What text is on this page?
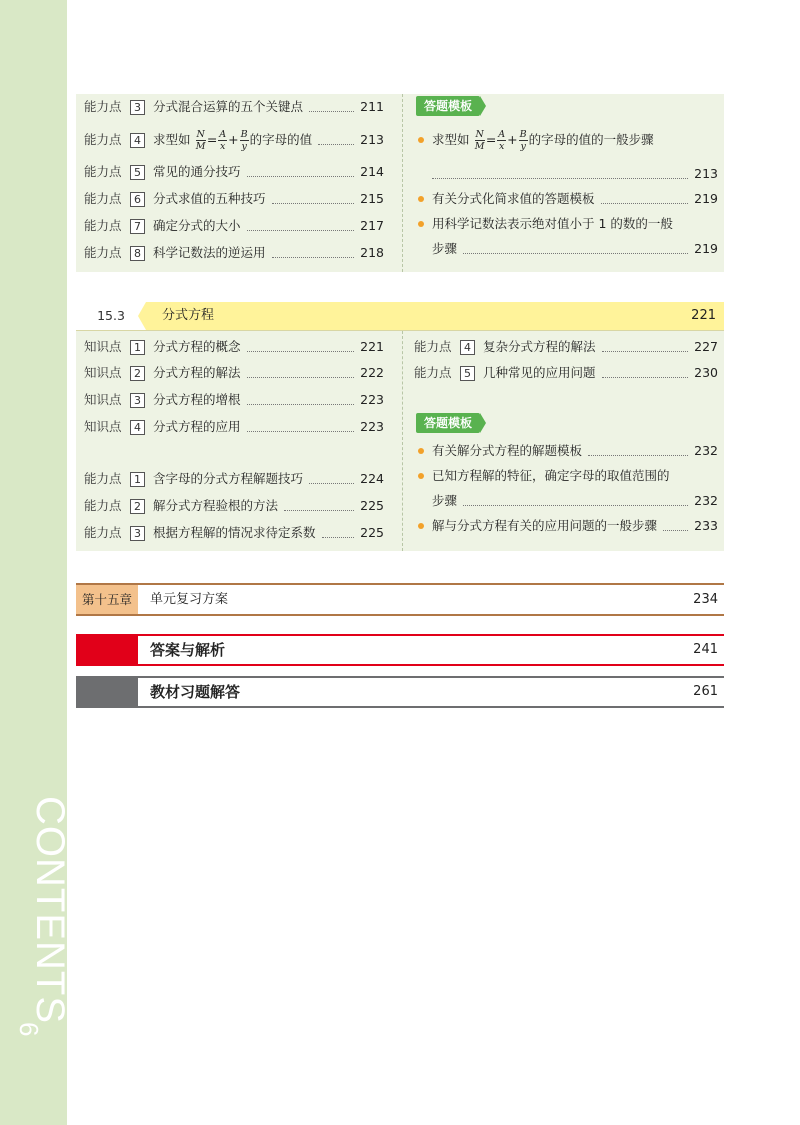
CONTENTS
6
能力点	3 分式混合运算的五个关键点	211
能力点	4 求型如 $\frac{N}{M} = \frac{A}{x} + \frac{B}{y}$ 的字母的值	213
能力点	5 常见的通分技巧	214
能力点	6 分式求值的五种技巧	215
能力点	7 确定分式的大小	217
能力点	8 科学记数法的逆运用	218
答题模板
求型如 $\frac{N}{M} = \frac{A}{x} + \frac{B}{y}$ 的字母的值的一般步骤
213
有关分式化简求值的答题模板	219
用科学记数法表示绝对值小于 1 的数的一般
步骤	219
15.3	分式方程	221
知识点	1 分式方程的概念	221
知识点	2 分式方程的解法	222
知识点	3 分式方程的增根	223
知识点	4 分式方程的应用	223
能力点	1 含字母的分式方程解题技巧	224
能力点	2 解分式方程验根的方法	225
能力点	3 根据方程解的情况求待定系数	225
能力点	4 复杂分式方程的解法	227
能力点	5 几种常见的应用问题	230
答题模板
有关解分式方程的解题模板	232
已知方程解的特征，确定字母的取值范围的
步骤	232
解与分式方程有关的应用问题的一般步骤	233
第十五章	单元复习方案	234
答案与解析	241
教材习题解答	261
